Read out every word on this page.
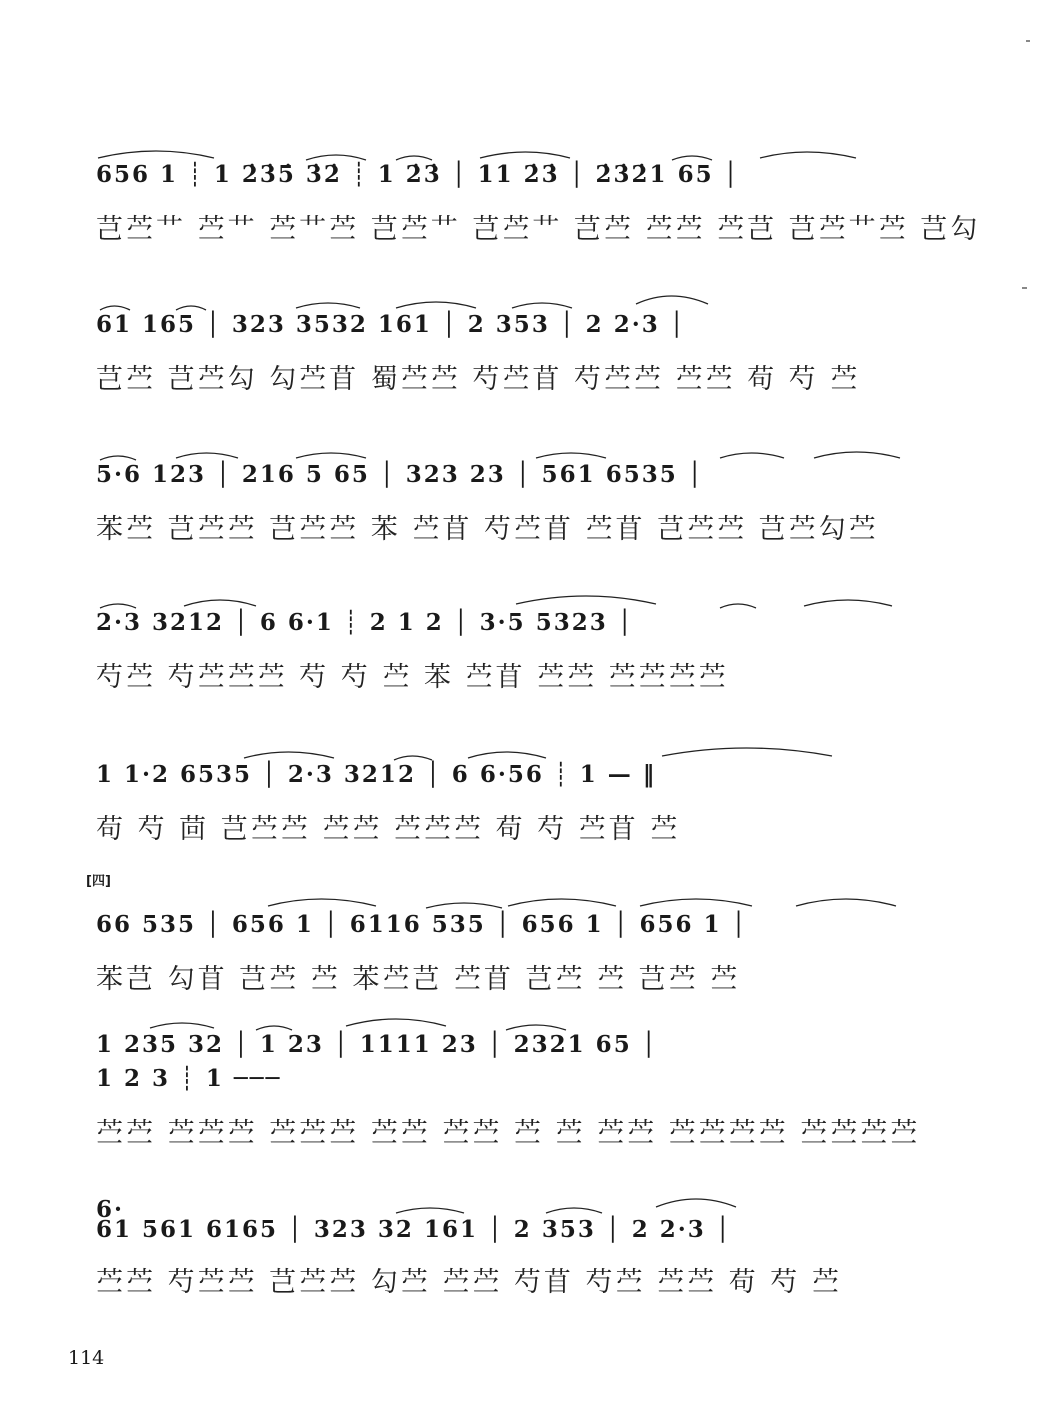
656 1 ┊ 1 2̇3̇5̇ 3̇2̇ ┊ 1 2̇3̇ │ 11 2̇3̇ │ 2̇3̇2̇1 65 │
芑苎艹 苎艹 苎艹苎 芑苎艹 芑苎艹 芑苎 苎苎 苎芑 芑苎艹苎 芑勾
61 165 │ 323 3532 161 │ 2 353 │ 2 2·3 │
芑苎 芑苎勾 勾苎苜 蜀苎苎 芍苎苜 芍苎苎 苎苎 苟 芍 苎
5·6 123 │ 216 5 65 │ 323 23 │ 561 6535 │
苯苎 芑苎苎 芑苎苎 苯 苎苜 芍苎苜 苎苜 芑苎苎 芑苎勾苎
2·3 3212 │ 6 6·1 ┊ 2 1 2 │ 3·5 5323 │
芍苎 芍苎苎苎 芍 芍 苎 苯 苎苜 苎苎 苎苎苎苎
1 1·2 6535 │ 2·3 3212 │ 6 6·56 ┊ 1 — ‖
苟 芍 茴 芑苎苎 苎苎 苎苎苎 苟 芍 苎苜 苎
[四]
66 535 │ 656 1 │ 6116 535 │ 656 1 │ 656 1 │
苯芑 勾苜 芑苎 苎 苯苎芑 苎苜 芑苎 苎 芑苎 苎
1 235 32 │ 1 23 │ 1111 23 │ 2321 65 │
1 2 3 ┊ 1 ───
苎苎 苎苎苎 苎苎苎 苎苎 苎苎 苎 苎 苎苎 苎苎苎苎 苎苎苎苎
6·
61 561 6165 │ 323 32 161 │ 2 353 │ 2 2·3 │
苎苎 芍苎苎 芑苎苎 勾苎 苎苎 芍苜 芍苎 苎苎 苟 芍 苎
114
